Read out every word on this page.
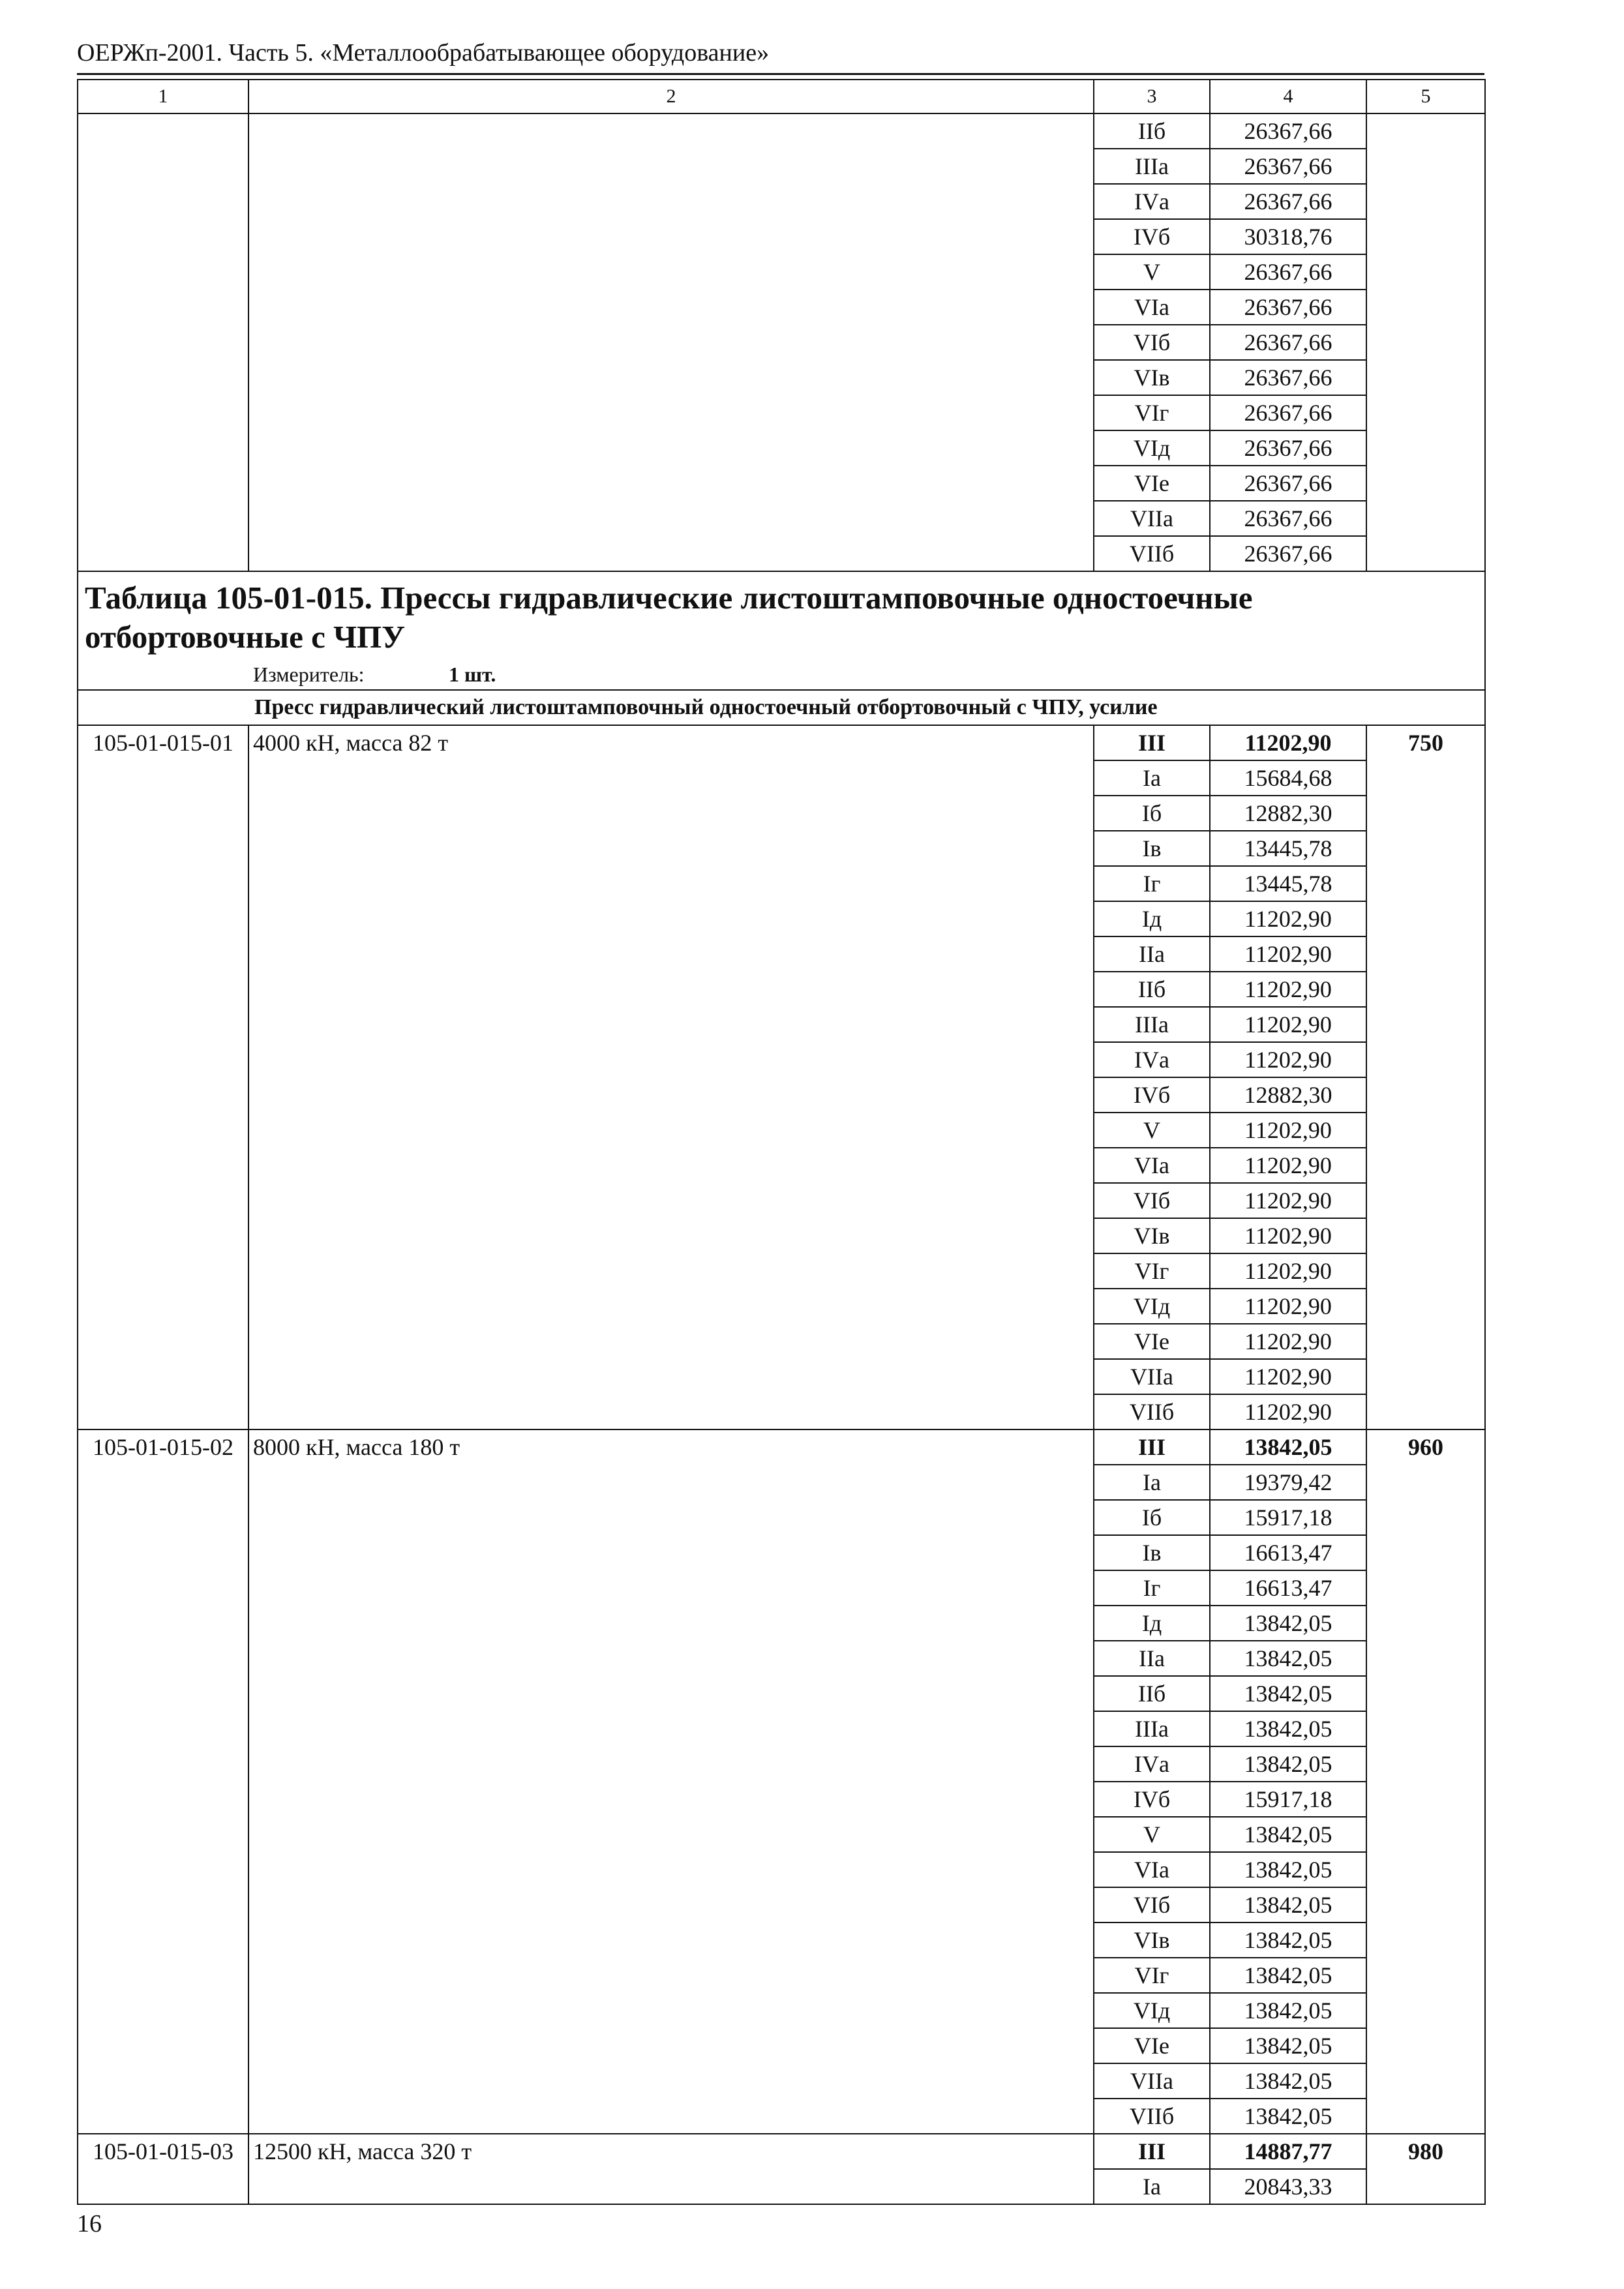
ОЕРЖп-2001. Часть 5. «Металлообрабатывающее оборудование»
1	2	3	4	5
		IIб	26367,66	
		IIIа	26367,66	
		IVа	26367,66	
		IVб	30318,76	
		V	26367,66	
		VIа	26367,66	
		VIб	26367,66	
		VIв	26367,66	
		VIг	26367,66	
		VIд	26367,66	
		VIе	26367,66	
		VIIа	26367,66	
		VIIб	26367,66	

Таблица 105-01-015. Прессы гидравлические листоштамповочные одностоечные отбортовочные с ЧПУ
Измеритель: 1 шт.				

Пресс гидравлический листоштамповочный одностоечный отбортовочный с ЧПУ, усилие				
105-01-015-01	4000 кН, масса 82 т	III	11202,90	750
		Iа	15684,68	
		Iб	12882,30	
		Iв	13445,78	
		Iг	13445,78	
		Iд	11202,90	
		IIа	11202,90	
		IIб	11202,90	
		IIIа	11202,90	
		IVа	11202,90	
		IVб	12882,30	
		V	11202,90	
		VIа	11202,90	
		VIб	11202,90	
		VIв	11202,90	
		VIг	11202,90	
		VIд	11202,90	
		VIе	11202,90	
		VIIа	11202,90	
		VIIб	11202,90	
105-01-015-02	8000 кН, масса 180 т	III	13842,05	960
		Iа	19379,42	
		Iб	15917,18	
		Iв	16613,47	
		Iг	16613,47	
		Iд	13842,05	
		IIа	13842,05	
		IIб	13842,05	
		IIIа	13842,05	
		IVа	13842,05	
		IVб	15917,18	
		V	13842,05	
		VIа	13842,05	
		VIб	13842,05	
		VIв	13842,05	
		VIг	13842,05	
		VIд	13842,05	
		VIе	13842,05	
		VIIа	13842,05	
		VIIб	13842,05	
105-01-015-03	12500 кН, масса 320 т	III	14887,77	980
		Iа	20843,33	
16
